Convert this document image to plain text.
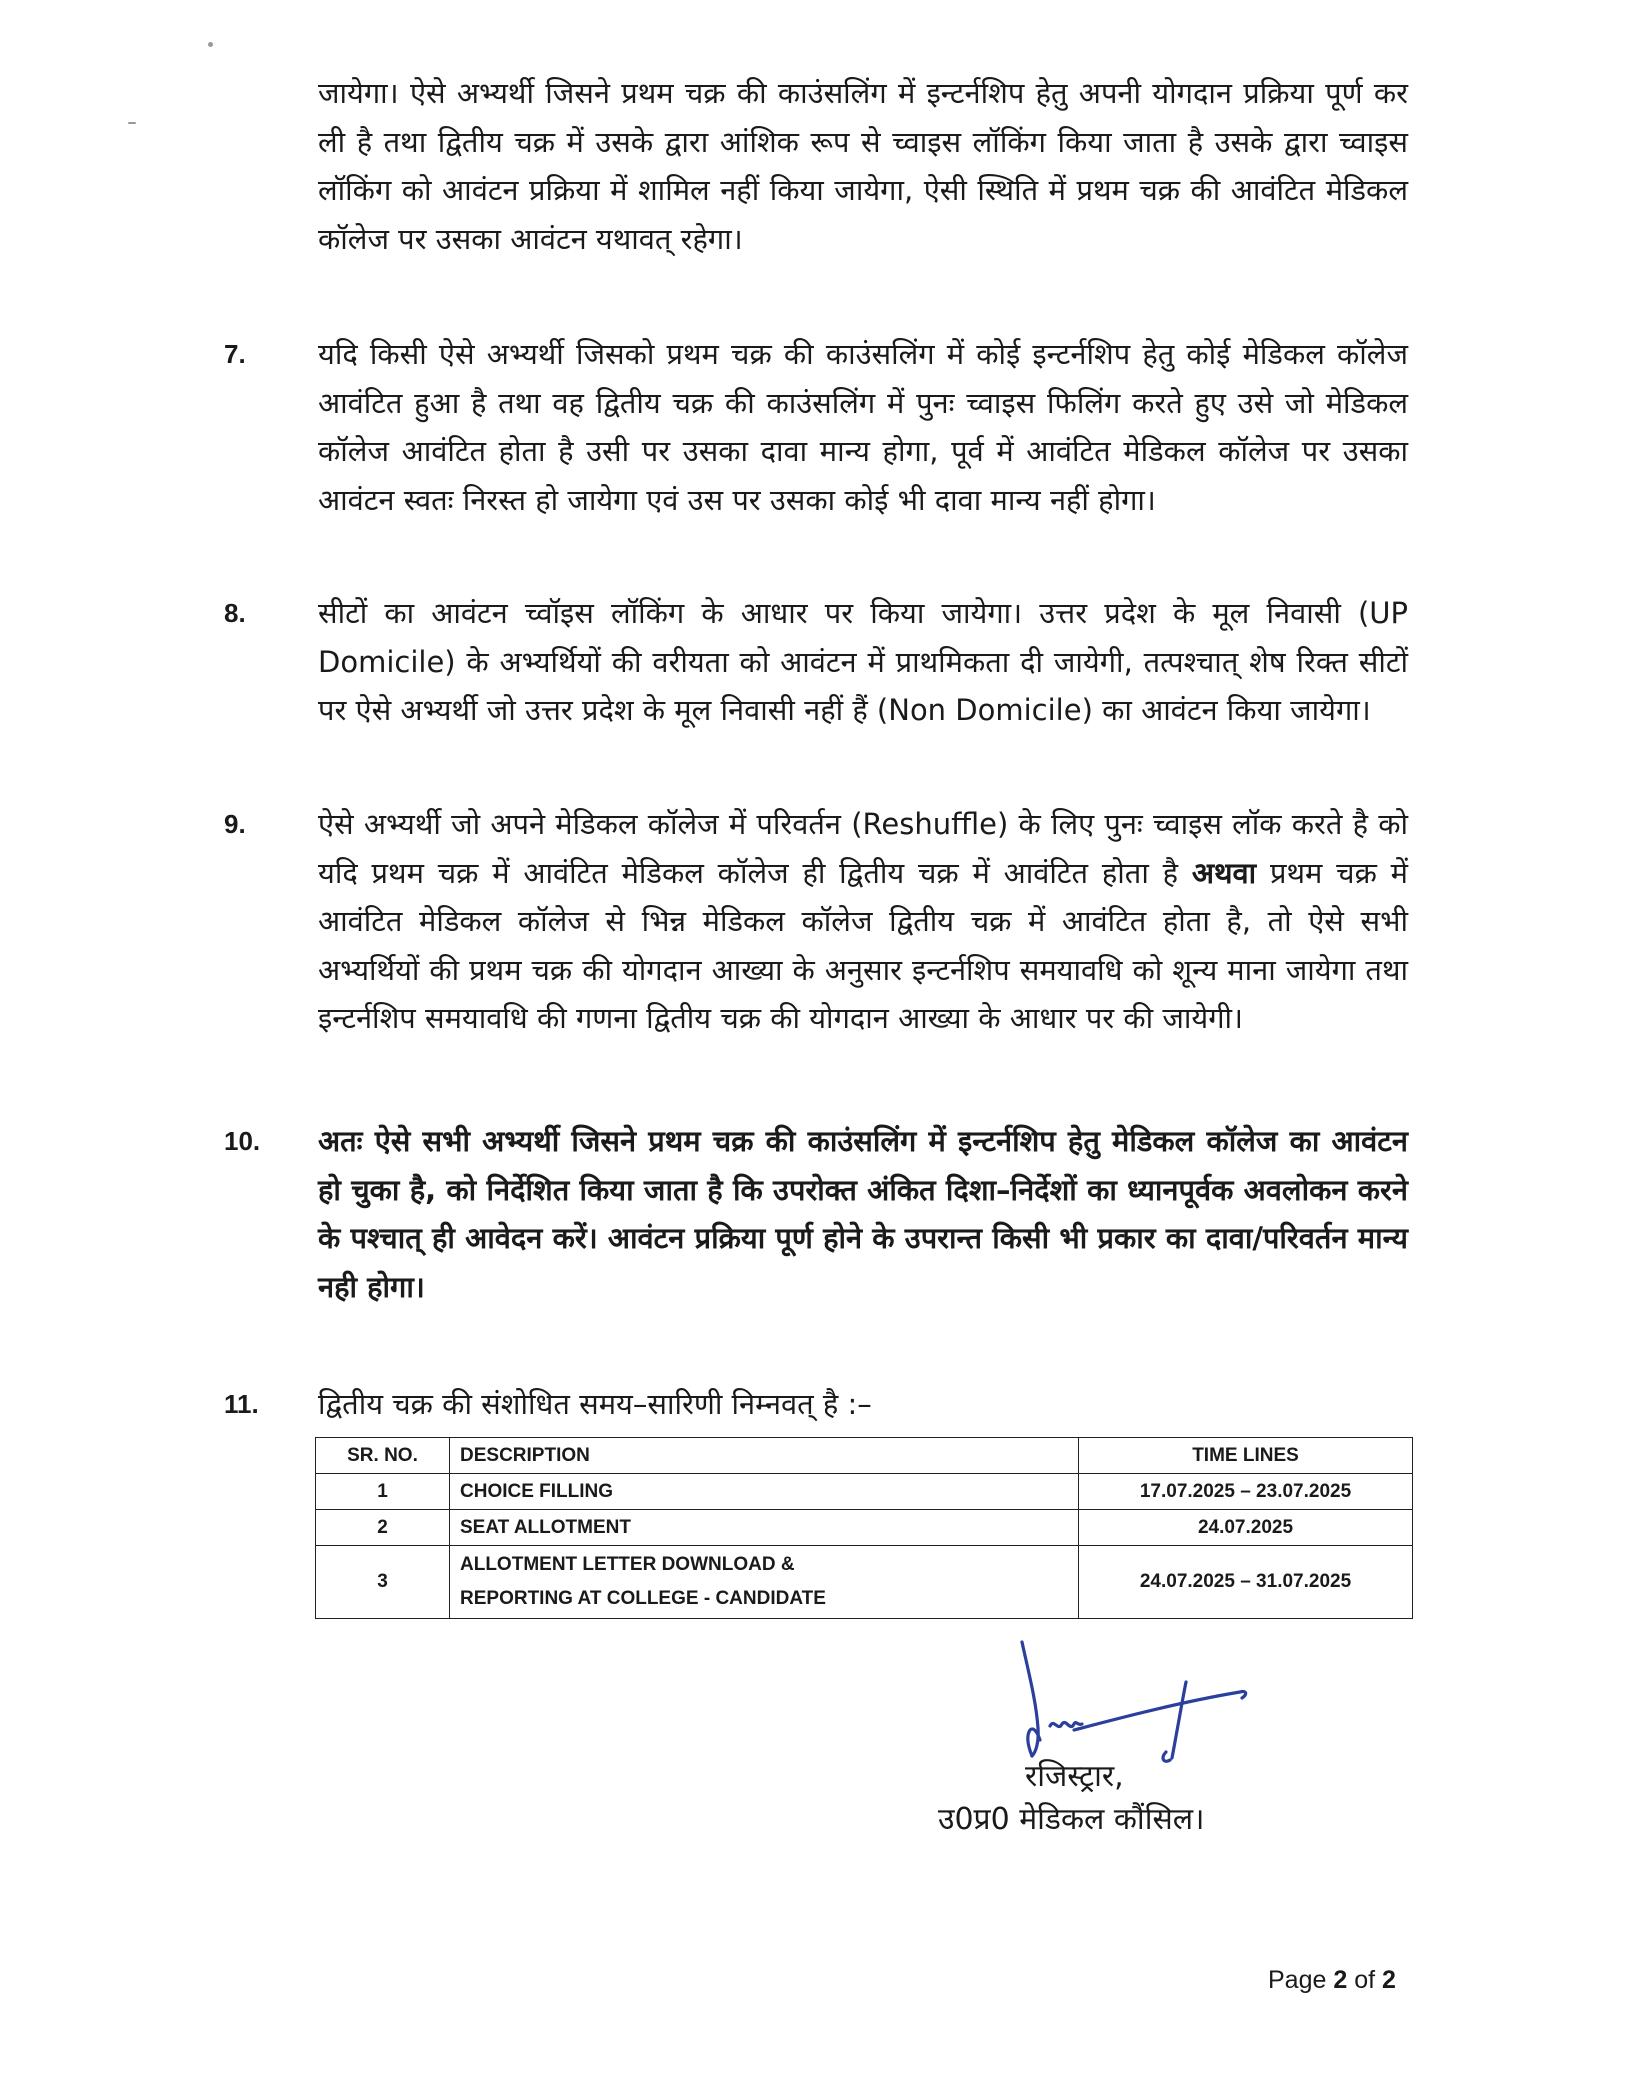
जायेगा। ऐसे अभ्यर्थी जिसने प्रथम चक्र की काउंसलिंग में इन्टर्नशिप हेतु अपनी योगदान प्रक्रिया पूर्ण कर ली है तथा द्वितीय चक्र में उसके द्वारा आंशिक रूप से च्वाइस लॉकिंग किया जाता है उसके द्वारा च्वाइस लॉकिंग को आवंटन प्रक्रिया में शामिल नहीं किया जायेगा, ऐसी स्थिति में प्रथम चक्र की आवंटित मेडिकल कॉलेज पर उसका आवंटन यथावत् रहेगा।

7. यदि किसी ऐसे अभ्यर्थी जिसको प्रथम चक्र की काउंसलिंग में कोई इन्टर्नशिप हेतु कोई मेडिकल कॉलेज आवंटित हुआ है तथा वह द्वितीय चक्र की काउंसलिंग में पुनः च्वाइस फिलिंग करते हुए उसे जो मेडिकल कॉलेज आवंटित होता है उसी पर उसका दावा मान्य होगा, पूर्व में आवंटित मेडिकल कॉलेज पर उसका आवंटन स्वतः निरस्त हो जायेगा एवं उस पर उसका कोई भी दावा मान्य नहीं होगा।

8. सीटों का आवंटन च्वॉइस लॉकिंग के आधार पर किया जायेगा। उत्तर प्रदेश के मूल निवासी (UP Domicile) के अभ्यर्थियों की वरीयता को आवंटन में प्राथमिकता दी जायेगी, तत्पश्चात् शेष रिक्त सीटों पर ऐसे अभ्यर्थी जो उत्तर प्रदेश के मूल निवासी नहीं हैं (Non Domicile) का आवंटन किया जायेगा।

9. ऐसे अभ्यर्थी जो अपने मेडिकल कॉलेज में परिवर्तन (Reshuffle) के लिए पुनः च्वाइस लॉक करते है को यदि प्रथम चक्र में आवंटित मेडिकल कॉलेज ही द्वितीय चक्र में आवंटित होता है अथवा प्रथम चक्र में आवंटित मेडिकल कॉलेज से भिन्न मेडिकल कॉलेज द्वितीय चक्र में आवंटित होता है, तो ऐसे सभी अभ्यर्थियों की प्रथम चक्र की योगदान आख्या के अनुसार इन्टर्नशिप समयावधि को शून्य माना जायेगा तथा इन्टर्नशिप समयावधि की गणना द्वितीय चक्र की योगदान आख्या के आधार पर की जायेगी।

10. अतः ऐसे सभी अभ्यर्थी जिसने प्रथम चक्र की काउंसलिंग में इन्टर्नशिप हेतु मेडिकल कॉलेज का आवंटन हो चुका है, को निर्देशित किया जाता है कि उपरोक्त अंकित दिशा–निर्देशों का ध्यानपूर्वक अवलोकन करने के पश्चात् ही आवेदन करें। आवंटन प्रक्रिया पूर्ण होने के उपरान्त किसी भी प्रकार का दावा/परिवर्तन मान्य नही होगा।

11. द्वितीय चक्र की संशोधित समय–सारिणी निम्नवत् है :–

SR. NO.	DESCRIPTION	TIME LINES
1	CHOICE FILLING	17.07.2025 – 23.07.2025
2	SEAT ALLOTMENT	24.07.2025
3	ALLOTMENT LETTER DOWNLOAD &
REPORTING AT COLLEGE - CANDIDATE	24.07.2025 – 31.07.2025
रजिस्ट्रार,
उ0प्र0 मेडिकल कौंसिल।
Page 2 of 2
